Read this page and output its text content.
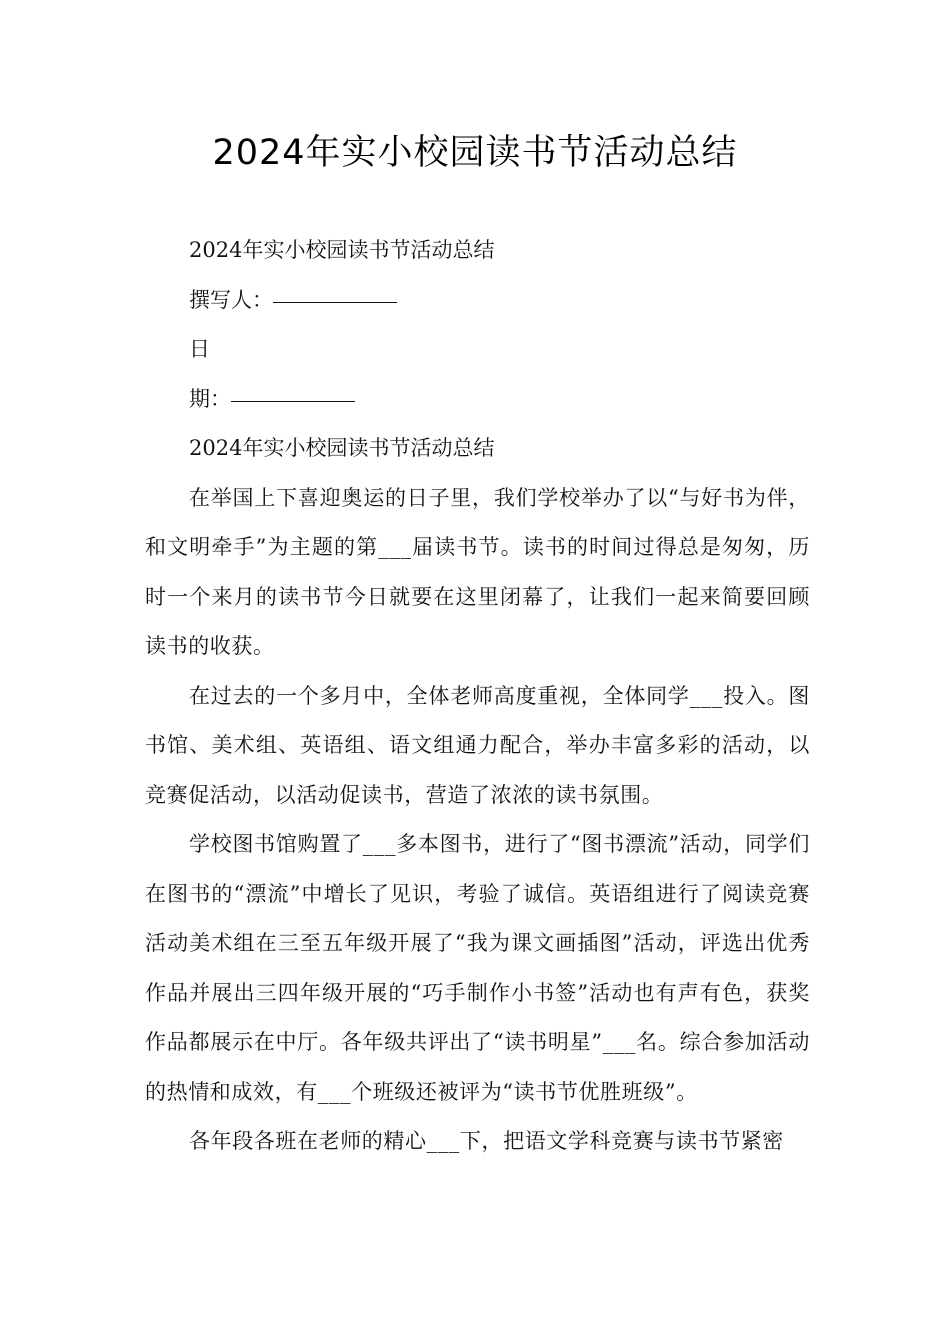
2024年实小校园读书节活动总结

2024年实小校园读书节活动总结

撰写人：

日

期：

2024年实小校园读书节活动总结

在举国上下喜迎奥运的日子里，我们学校举办了以“与好书为伴，和文明牵手”为主题的第___届读书节。读书的时间过得总是匆匆，历时一个来月的读书节今日就要在这里闭幕了，让我们一起来简要回顾读书的收获。

在过去的一个多月中，全体老师高度重视，全体同学___投入。图书馆、美术组、英语组、语文组通力配合，举办丰富多彩的活动，以竞赛促活动，以活动促读书，营造了浓浓的读书氛围。

学校图书馆购置了___多本图书，进行了“图书漂流”活动，同学们在图书的“漂流”中增长了见识，考验了诚信。英语组进行了阅读竞赛活动美术组在三至五年级开展了“我为课文画插图”活动，评选出优秀作品并展出三四年级开展的“巧手制作小书签”活动也有声有色，获奖作品都展示在中厅。各年级共评出了“读书明星”___名。综合参加活动的热情和成效，有___个班级还被评为“读书节优胜班级”。

各年段各班在老师的精心___下，把语文学科竞赛与读书节紧密
